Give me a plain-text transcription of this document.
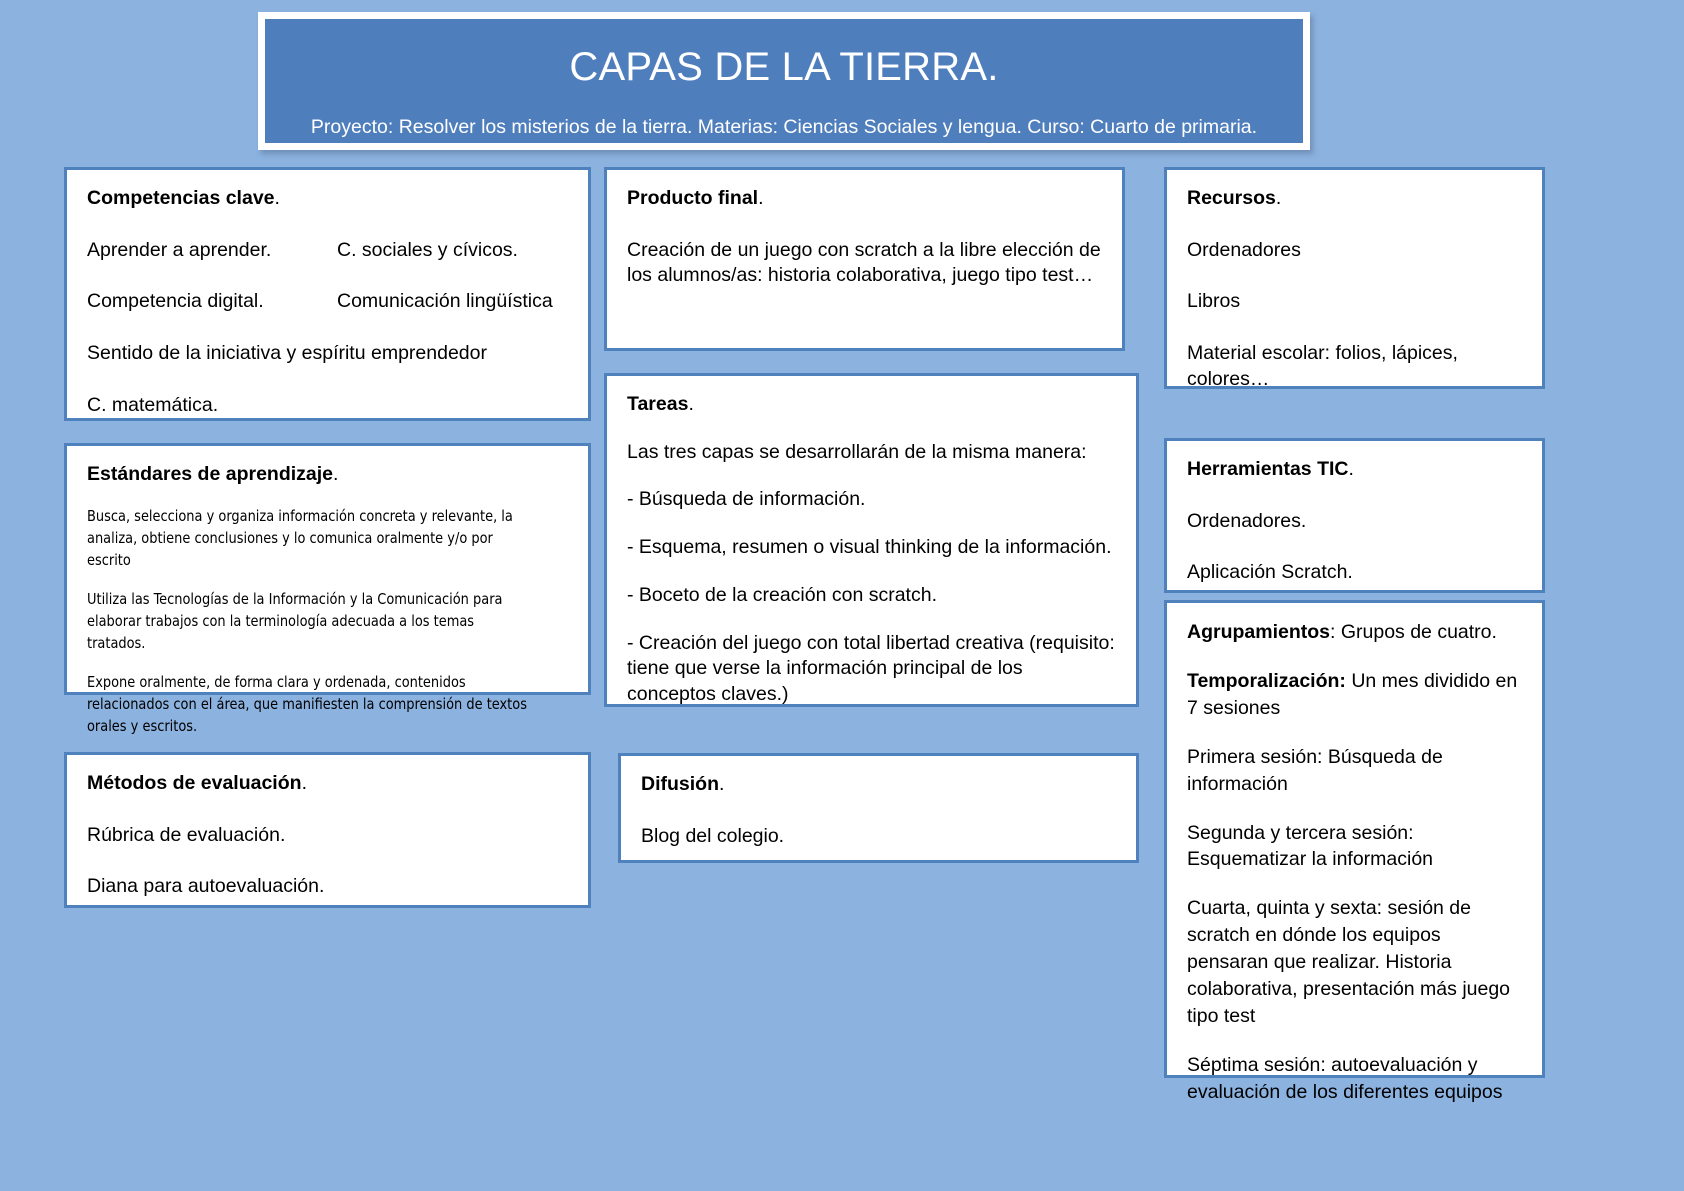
CAPAS DE LA TIERRA.
Proyecto: Resolver los misterios de la tierra. Materias: Ciencias Sociales y lengua. Curso: Cuarto de primaria.

Competencias clave.

Aprender a aprender.	C. sociales y cívicos.

Competencia digital.	Comunicación lingüística

Sentido de la iniciativa y espíritu emprendedor

C. matemática.

Estándares de aprendizaje.

Busca, selecciona y organiza información concreta y relevante, la analiza, obtiene conclusiones y lo comunica oralmente y/o por escrito

Utiliza las Tecnologías de la Información y la Comunicación para elaborar trabajos con la terminología adecuada a los temas tratados.

Expone oralmente, de forma clara y ordenada, contenidos relacionados con el área, que manifiesten la comprensión de textos orales y escritos.

Métodos de evaluación.

Rúbrica de evaluación.

Diana para autoevaluación.

Producto final.

Creación de un juego con scratch a la libre elección de los alumnos/as: historia colaborativa, juego tipo test…

Tareas.

Las tres capas se desarrollarán de la misma manera:

- Búsqueda de información.

- Esquema, resumen o visual thinking de la información.

- Boceto de la creación con scratch.

- Creación del juego con total libertad creativa (requisito: tiene que verse la información principal de los conceptos claves.)

Difusión.

Blog del colegio.

Recursos.

Ordenadores

Libros

Material escolar: folios, lápices, colores…

Herramientas TIC.

Ordenadores.

Aplicación Scratch.

Agrupamientos: Grupos de cuatro.

Temporalización: Un mes dividido en 7 sesiones

Primera sesión: Búsqueda de información

Segunda y tercera sesión: Esquematizar la información

Cuarta, quinta y sexta: sesión de scratch en dónde los equipos pensaran que realizar. Historia colaborativa, presentación más juego tipo test

Séptima sesión: autoevaluación y evaluación de los diferentes equipos
